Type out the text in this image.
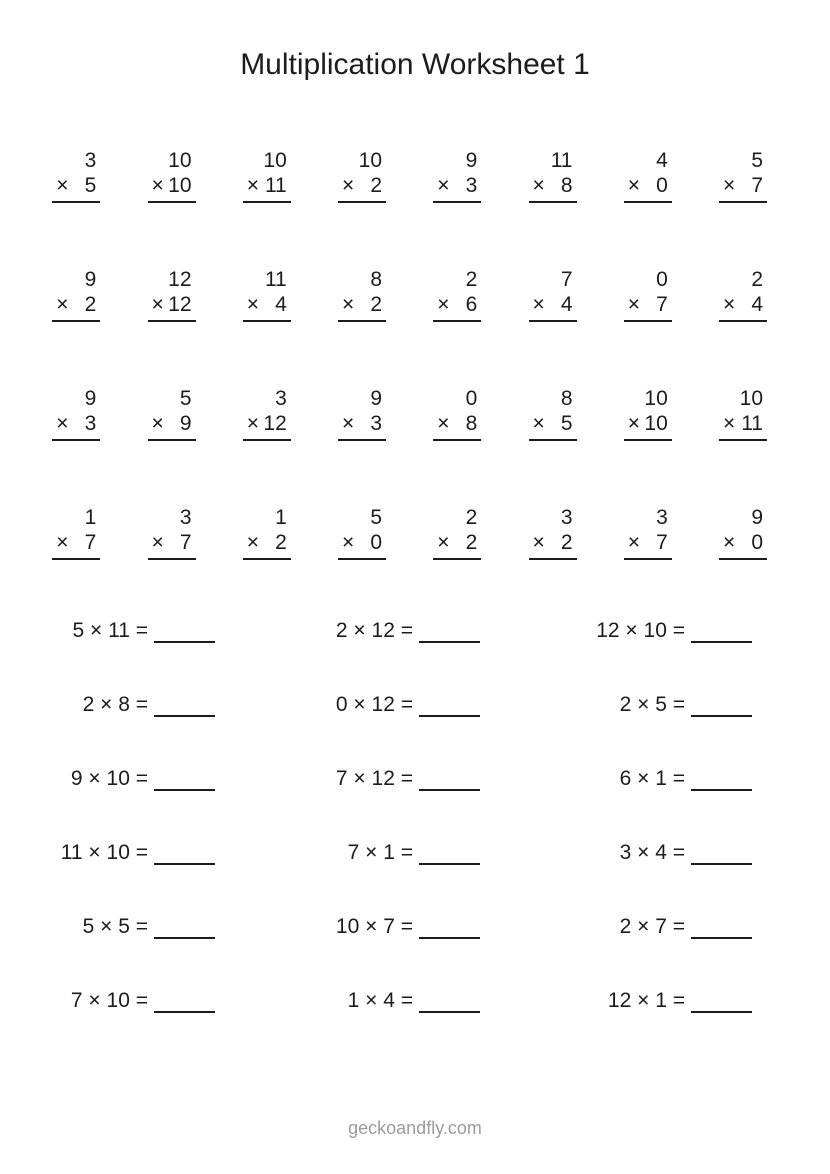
Multiplication Worksheet 1
3
× 5
10
× 10
10
× 11
10
× 2
9
× 3
11
× 8
4
× 0
5
× 7
9
× 2
12
× 12
11
× 4
8
× 2
2
× 6
7
× 4
0
× 7
2
× 4
9
× 3
5
× 9
3
× 12
9
× 3
0
× 8
8
× 5
10
× 10
10
× 11
1
× 7
3
× 7
1
× 2
5
× 0
2
× 2
3
× 2
3
× 7
9
× 0
5 × 11 =	2 × 12 =	12 × 10 =
2 × 8 =	0 × 12 =	2 × 5 =
9 × 10 =	7 × 12 =	6 × 1 =
11 × 10 =	7 × 1 =	3 × 4 =
5 × 5 =	10 × 7 =	2 × 7 =
7 × 10 =	1 × 4 =	12 × 1 =
geckoandfly.com
